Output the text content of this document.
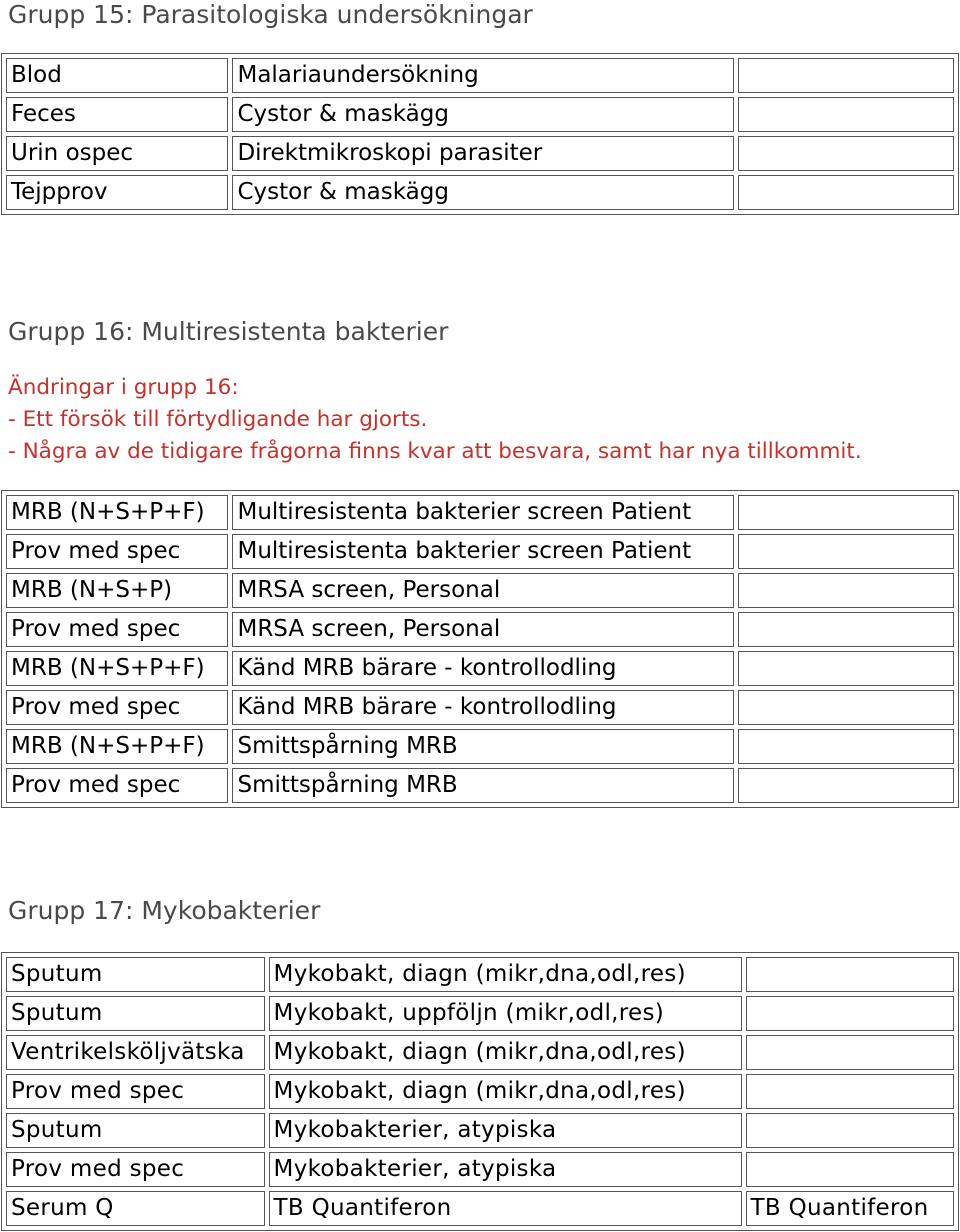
Grupp 15: Parasitologiska undersökningar
Blod	Malariaundersökning	
Feces	Cystor & maskägg	
Urin ospec	Direktmikroskopi parasiter	
Tejpprov	Cystor & maskägg	
Grupp 16: Multiresistenta bakterier
Ändringar i grupp 16:
- Ett försök till förtydligande har gjorts.
- Några av de tidigare frågorna finns kvar att besvara, samt har nya tillkommit.
MRB (N+S+P+F)	Multiresistenta bakterier screen Patient	
Prov med spec	Multiresistenta bakterier screen Patient	
MRB (N+S+P)	MRSA screen, Personal	
Prov med spec	MRSA screen, Personal	
MRB (N+S+P+F)	Känd MRB bärare - kontrollodling	
Prov med spec	Känd MRB bärare - kontrollodling	
MRB (N+S+P+F)	Smittspårning MRB	
Prov med spec	Smittspårning MRB	
Grupp 17: Mykobakterier
Sputum	Mykobakt, diagn (mikr,dna,odl,res)	
Sputum	Mykobakt, uppföljn (mikr,odl,res)	
Ventrikelsköljvätska	Mykobakt, diagn (mikr,dna,odl,res)	
Prov med spec	Mykobakt, diagn (mikr,dna,odl,res)	
Sputum	Mykobakterier, atypiska	
Prov med spec	Mykobakterier, atypiska	
Serum Q	TB Quantiferon	TB Quantiferon
